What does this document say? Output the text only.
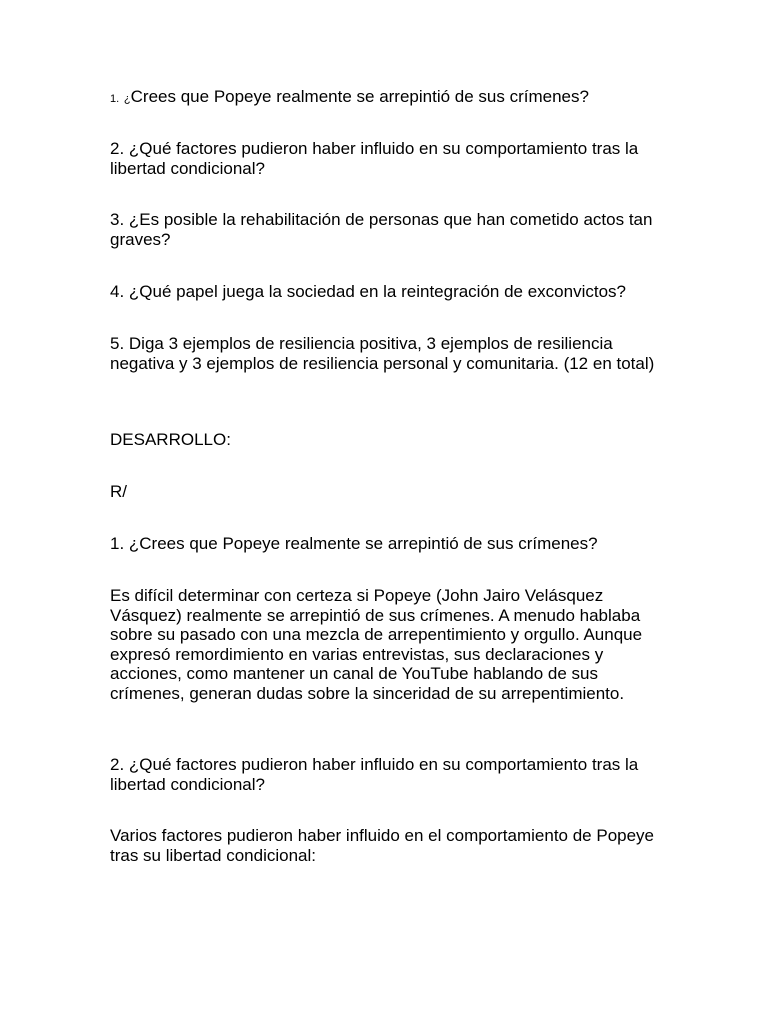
1. ¿Crees que Popeye realmente se arrepintió de sus crímenes?

2. ¿Qué factores pudieron haber influido en su comportamiento tras la libertad condicional?

3. ¿Es posible la rehabilitación de personas que han cometido actos tan graves?

4. ¿Qué papel juega la sociedad en la reintegración de exconvictos?

5. Diga 3 ejemplos de resiliencia positiva, 3 ejemplos de resiliencia negativa y 3 ejemplos de resiliencia personal y comunitaria. (12 en total)

DESARROLLO:

R/

1. ¿Crees que Popeye realmente se arrepintió de sus crímenes?

Es difícil determinar con certeza si Popeye (John Jairo Velásquez Vásquez) realmente se arrepintió de sus crímenes. A menudo hablaba sobre su pasado con una mezcla de arrepentimiento y orgullo. Aunque expresó remordimiento en varias entrevistas, sus declaraciones y acciones, como mantener un canal de YouTube hablando de sus crímenes, generan dudas sobre la sinceridad de su arrepentimiento.

2. ¿Qué factores pudieron haber influido en su comportamiento tras la libertad condicional?

Varios factores pudieron haber influido en el comportamiento de Popeye tras su libertad condicional:
